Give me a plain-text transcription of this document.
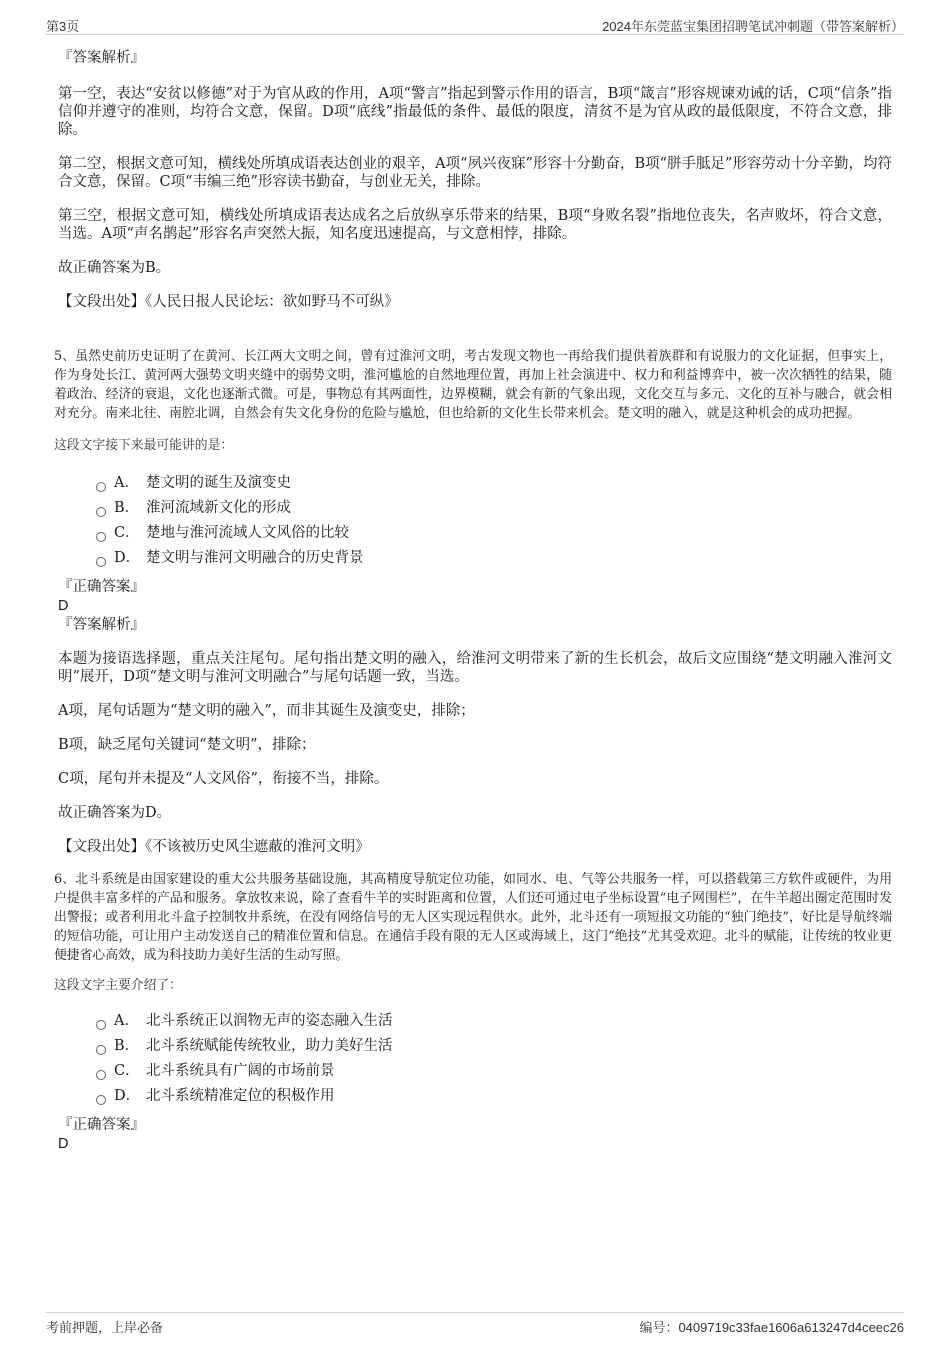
第3页	2024年东莞蓝宝集团招聘笔试冲刺题（带答案解析）

『答案解析』

第一空，表达“安贫以修德”对于为官从政的作用，A项“警言”指起到警示作用的语言，B项“箴言”形容规谏劝诫的话，C项“信条”指信仰并遵守的准则，均符合文意，保留。D项“底线”指最低的条件、最低的限度，清贫不是为官从政的最低限度，不符合文意，排除。

第二空，根据文意可知，横线处所填成语表达创业的艰辛，A项“夙兴夜寐”形容十分勤奋，B项“胼手胝足”形容劳动十分辛勤，均符合文意，保留。C项“韦编三绝”形容读书勤奋，与创业无关，排除。

第三空，根据文意可知，横线处所填成语表达成名之后放纵享乐带来的结果，B项“身败名裂”指地位丧失，名声败坏，符合文意，当选。A项“声名鹊起”形容名声突然大振，知名度迅速提高，与文意相悖，排除。

故正确答案为B。

【文段出处】《人民日报人民论坛：欲如野马不可纵》

5、虽然史前历史证明了在黄河、长江两大文明之间，曾有过淮河文明，考古发现文物也一再给我们提供着族群和有说服力的文化证据，但事实上，作为身处长江、黄河两大强势文明夹缝中的弱势文明，淮河尴尬的自然地理位置，再加上社会演进中、权力和利益博弈中，被一次次牺牲的结果，随着政治、经济的衰退，文化也逐渐式微。可是，事物总有其两面性，边界模糊，就会有新的气象出现，文化交互与多元、文化的互补与融合，就会相对充分。南来北往、南腔北调，自然会有失文化身份的危险与尴尬，但也给新的文化生长带来机会。楚文明的融入，就是这种机会的成功把握。

这段文字接下来最可能讲的是：

A． 楚文明的诞生及演变史
B． 淮河流域新文化的形成
C． 楚地与淮河流域人文风俗的比较
D． 楚文明与淮河文明融合的历史背景

『正确答案』

D

『答案解析』

本题为接语选择题，重点关注尾句。尾句指出楚文明的融入，给淮河文明带来了新的生长机会，故后文应围绕“楚文明融入淮河文明”展开，D项“楚文明与淮河文明融合”与尾句话题一致，当选。

A项，尾句话题为“楚文明的融入”，而非其诞生及演变史，排除；

B项，缺乏尾句关键词“楚文明”，排除；

C项，尾句并未提及“人文风俗”，衔接不当，排除。

故正确答案为D。

【文段出处】《不该被历史风尘遮蔽的淮河文明》

6、北斗系统是由国家建设的重大公共服务基础设施，其高精度导航定位功能，如同水、电、气等公共服务一样，可以搭载第三方软件或硬件，为用户提供丰富多样的产品和服务。拿放牧来说，除了查看牛羊的实时距离和位置，人们还可通过电子坐标设置“电子网围栏”，在牛羊超出圈定范围时发出警报；或者利用北斗盒子控制牧井系统，在没有网络信号的无人区实现远程供水。此外，北斗还有一项短报文功能的“独门绝技”，好比是导航终端的短信功能，可让用户主动发送自己的精准位置和信息。在通信手段有限的无人区或海域上，这门“绝技”尤其受欢迎。北斗的赋能，让传统的牧业更便捷省心高效，成为科技助力美好生活的生动写照。

这段文字主要介绍了：

A． 北斗系统正以润物无声的姿态融入生活
B． 北斗系统赋能传统牧业，助力美好生活
C． 北斗系统具有广阔的市场前景
D． 北斗系统精准定位的积极作用

『正确答案』

D

考前押题，上岸必备	编号：0409719c33fae1606a613247d4ceec26
